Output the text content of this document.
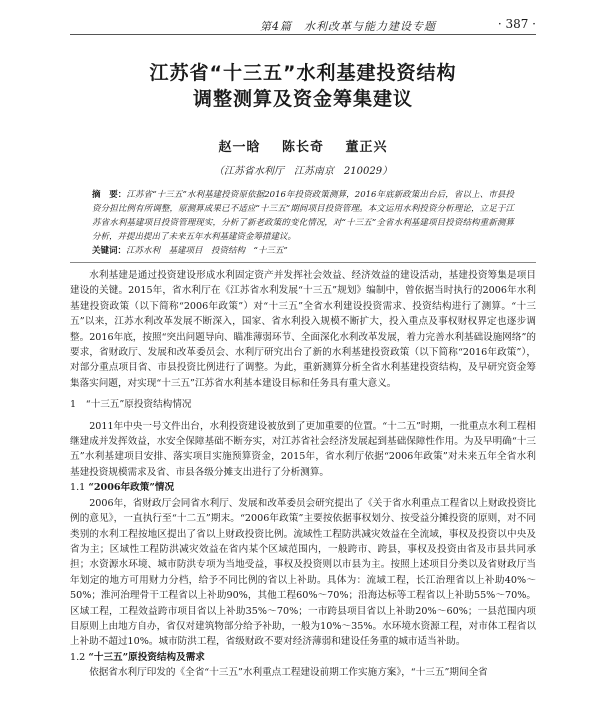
第4篇　水利改革与能力建设专题	· 387 ·
江苏省“十三五”水利基建投资结构
调整测算及资金筹集建议
赵一晗 陈长奇 董正兴
（江苏省水利厅　江苏南京　210029）
摘　要：江苏省“十三五”水利基建投资原依据2016年投资政策测算，2016年底新政策出台后，省以上、市县投资分担比例有所调整，原测算成果已不适应“十三五”期间项目投资管理。本文运用水利投资分析理论，立足于江苏省水利基建项目投资管理现实，分析了新老政策的变化情况，对“十三五”全省水利基建项目投资结构重新测算分析，并提出提出了未来五年水利基建资金筹措建议。
关键词：江苏水利　基建项目　投资结构　“十三五”

水利基建是通过投资建设形成水利固定资产并发挥社会效益、经济效益的建设活动，基建投资筹集是项目建设的关键。2015年，省水利厅在《江苏省水利发展“十三五”规划》编制中，曾依据当时执行的2006年水利基建投资政策（以下简称“2006年政策”）对“十三五”全省水利建设投资需求、投资结构进行了测算。“十三五”以来，江苏水利改革发展不断深入，国家、省水利投入规模不断扩大，投入重点及事权财权界定也逐步调整。2016年底，按照“突出问题导向、瞄准薄弱环节、全面深化水利改革发展，着力完善水利基础设施网络”的要求，省财政厅、发展和改革委员会、水利厅研究出台了新的水利基建投资政策（以下简称“2016年政策”），对部分重点项目省、市县投资比例进行了调整。为此，重新测算分析全省水利基建投资结构，及早研究资金筹集落实问题，对实现“十三五”江苏省水利基本建设目标和任务具有重大意义。

1　“十三五”原投资结构情况

2011年中央一号文件出台，水利投资建设被放到了更加重要的位置。“十二五”时期，一批重点水利工程相继建成并发挥效益，水安全保障基础不断夯实，对江苏省社会经济发展起到基础保障性作用。为及早明确“十三五”水利基建项目安排、落实项目实施预算资金，2015年，省水利厅依据“2006年政策”对未来五年全省水利基建投资规模需求及省、市县各级分摊支出进行了分析测算。

1.1 “2006年政策”情况

2006年，省财政厅会同省水利厅、发展和改革委员会研究提出了《关于省水利重点工程省以上财政投资比例的意见》，一直执行至“十二五”期末。“2006年政策”主要按依据事权划分、按受益分摊投资的原则，对不同类别的水利工程按地区提出了省以上财政投资比例。流域性工程防洪减灾效益在全流域，事权及投资以中央及省为主；区域性工程防洪减灾效益在省内某个区域范围内，一般跨市、跨县，事权及投资由省及市县共同承担；水资源水环境、城市防洪专项为当地受益，事权及投资则以市县为主。按照上述项目分类以及省财政厅当年划定的地方可用财力分档，给予不同比例的省以上补助。具体为：流域工程，长江治理省以上补助40%～50%；淮河治理骨干工程省以上补助90%，其他工程60%～70%；沿海达标等工程省以上补助55%～70%。区域工程，工程效益跨市项目省以上补助35%～70%；一市跨县项目省以上补助20%～60%；一县范围内项目原则上由地方自办，省仅对建筑物部分给予补助，一般为10%～35%。水环境水资源工程，对市体工程省以上补助不超过10%。城市防洪工程，省级财政不要对经济薄弱和建设任务重的城市适当补助。

1.2 “十三五”原投资结构及需求

依据省水利厅印发的《全省“十三五”水利重点工程建设前期工作实施方案》，“十三五”期间全省
